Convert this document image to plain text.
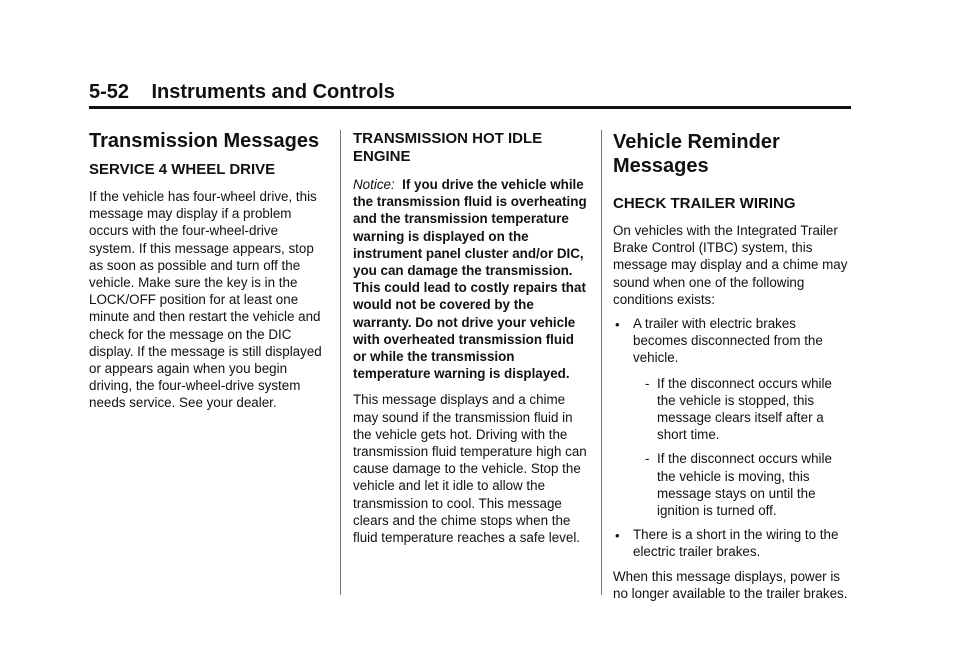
5-52 Instruments and Controls
Transmission Messages
SERVICE 4 WHEEL DRIVE

If the vehicle has four-wheel drive, this message may display if a problem occurs with the four-wheel-drive system. If this message appears, stop as soon as possible and turn off the vehicle. Make sure the key is in the LOCK/OFF position for at least one minute and then restart the vehicle and check for the message on the DIC display. If the message is still displayed or appears again when you begin driving, the four-wheel-drive system needs service. See your dealer.

TRANSMISSION HOT IDLE ENGINE

Notice: If you drive the vehicle while the transmission fluid is overheating and the transmission temperature warning is displayed on the instrument panel cluster and/or DIC, you can damage the transmission. This could lead to costly repairs that would not be covered by the warranty. Do not drive your vehicle with overheated transmission fluid or while the transmission temperature warning is displayed.

This message displays and a chime may sound if the transmission fluid in the vehicle gets hot. Driving with the transmission fluid temperature high can cause damage to the vehicle. Stop the vehicle and let it idle to allow the transmission to cool. This message clears and the chime stops when the fluid temperature reaches a safe level.

Vehicle Reminder Messages
CHECK TRAILER WIRING

On vehicles with the Integrated Trailer Brake Control (ITBC) system, this message may display and a chime may sound when one of the following conditions exists:

• A trailer with electric brakes becomes disconnected from the vehicle.

- If the disconnect occurs while the vehicle is stopped, this message clears itself after a short time.

- If the disconnect occurs while the vehicle is moving, this message stays on until the ignition is turned off.

• There is a short in the wiring to the electric trailer brakes.

When this message displays, power is no longer available to the trailer brakes.
